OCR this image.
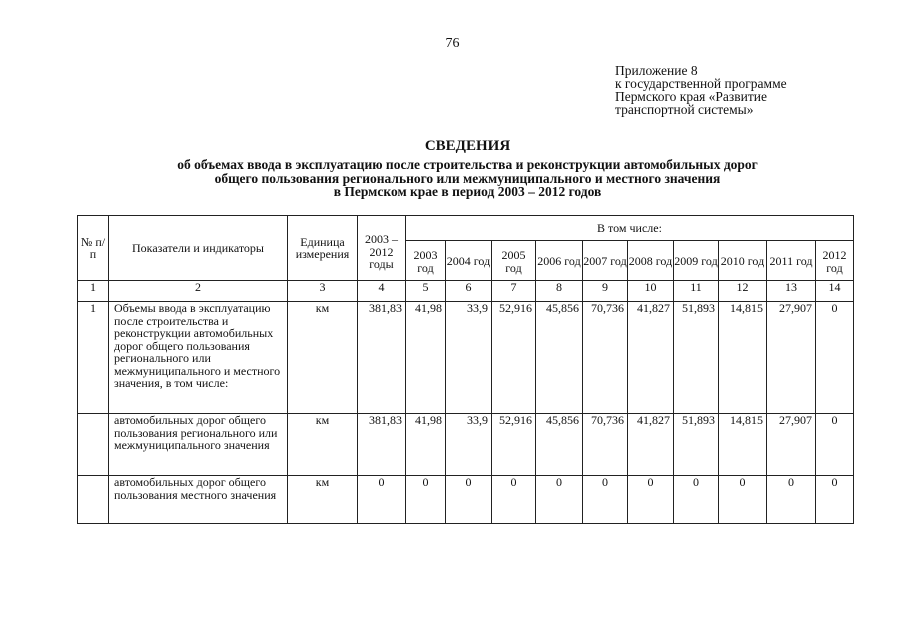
76
Приложение 8
к государственной программе
Пермского края «Развитие
транспортной системы»
СВЕДЕНИЯ
об объемах ввода в эксплуатацию после строительства и реконструкции автомобильных дорог
общего пользования регионального или межмуниципального и местного значения
в Пермском крае в период 2003 – 2012 годов
№ п/п	Показатели и индикаторы	Единица измерения	2003 – 2012 годы	В том числе:									
				2003 год	2004 год	2005 год	2006 год	2007 год	2008 год	2009 год	2010 год	2011 год	2012 год
1	2	3	4	5	6	7	8	9	10	11	12	13	14
1	Объемы ввода в эксплуатацию после строительства и реконструкции автомобильных дорог общего пользования регионального или межмуниципального и местного значения, в том числе:	км	381,83	41,98	33,9	52,916	45,856	70,736	41,827	51,893	14,815	27,907	0
	автомобильных дорог общего пользования регионального или межмуниципального значения	км	381,83	41,98	33,9	52,916	45,856	70,736	41,827	51,893	14,815	27,907	0
	автомобильных дорог общего пользования местного значения	км	0	0	0	0	0	0	0	0	0	0	0
